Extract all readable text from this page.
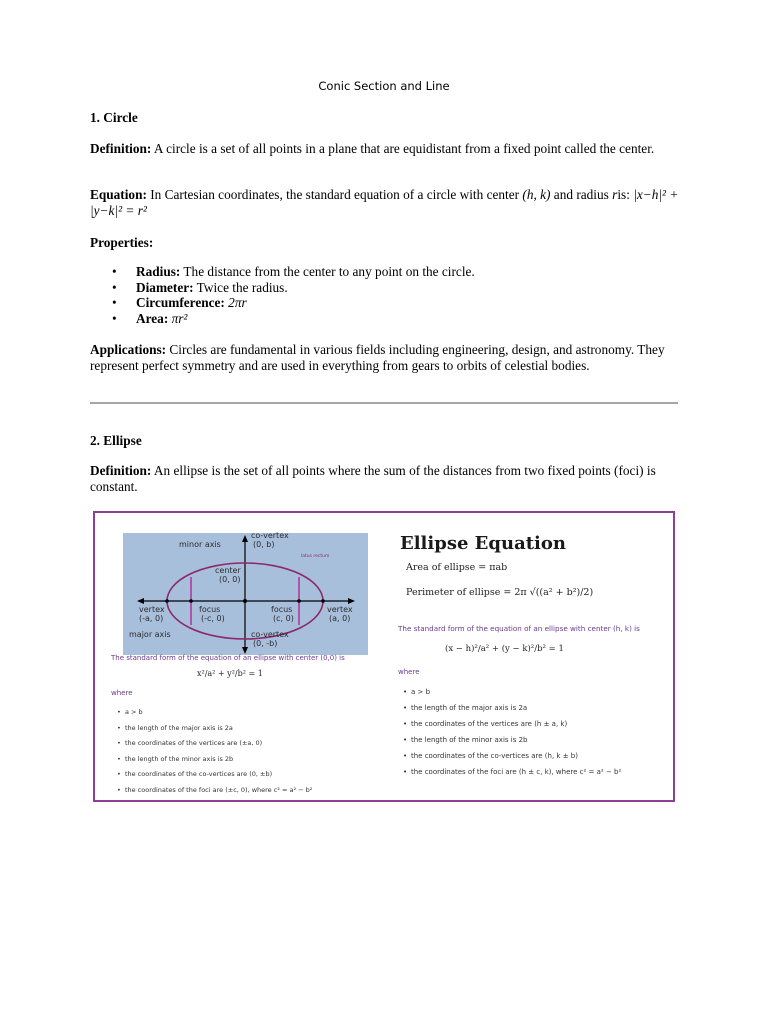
Conic Section and Line
1. Circle
Definition: A circle is a set of all points in a plane that are equidistant from a fixed point called the center.
Equation: In Cartesian coordinates, the standard equation of a circle with center (h, k) and radius ris: |x−h|² + |y−k|² = r²
Properties:
• Radius: The distance from the center to any point on the circle.
• Diameter: Twice the radius.
• Circumference: 2πr
• Area: πr²
Applications: Circles are fundamental in various fields including engineering, design, and astronomy. They represent perfect symmetry and are used in everything from gears to orbits of celestial bodies.
2. Ellipse
Definition: An ellipse is the set of all points where the sum of the distances from two fixed points (foci) is constant.
minor axis
co-vertex
(0, b)
latus rectum
center
(0, 0)
vertex
(-a, 0)
focus
(-c, 0)
focus
(c, 0)
vertex
(a, 0)
major axis	co-vertex
(0, -b)
The standard form of the equation of an ellipse with center (0,0) is
x²/a² + y²/b² = 1
where
• a > b
• the length of the major axis is 2a
• the coordinates of the vertices are (±a, 0)
• the length of the minor axis is 2b
• the coordinates of the co-vertices are (0, ±b)
• the coordinates of the foci are (±c, 0), where c² = a² − b²
Ellipse Equation
Area of ellipse = πab
Perimeter of ellipse = 2π √((a² + b²)/2)
The standard form of the equation of an ellipse with center (h, k) is
(x − h)²/a² + (y − k)²/b² = 1
where
• a > b
• the length of the major axis is 2a
• the coordinates of the vertices are (h ± a, k)
• the length of the minor axis is 2b
• the coordinates of the co-vertices are (h, k ± b)
• the coordinates of the foci are (h ± c, k), where c² = a² − b²
